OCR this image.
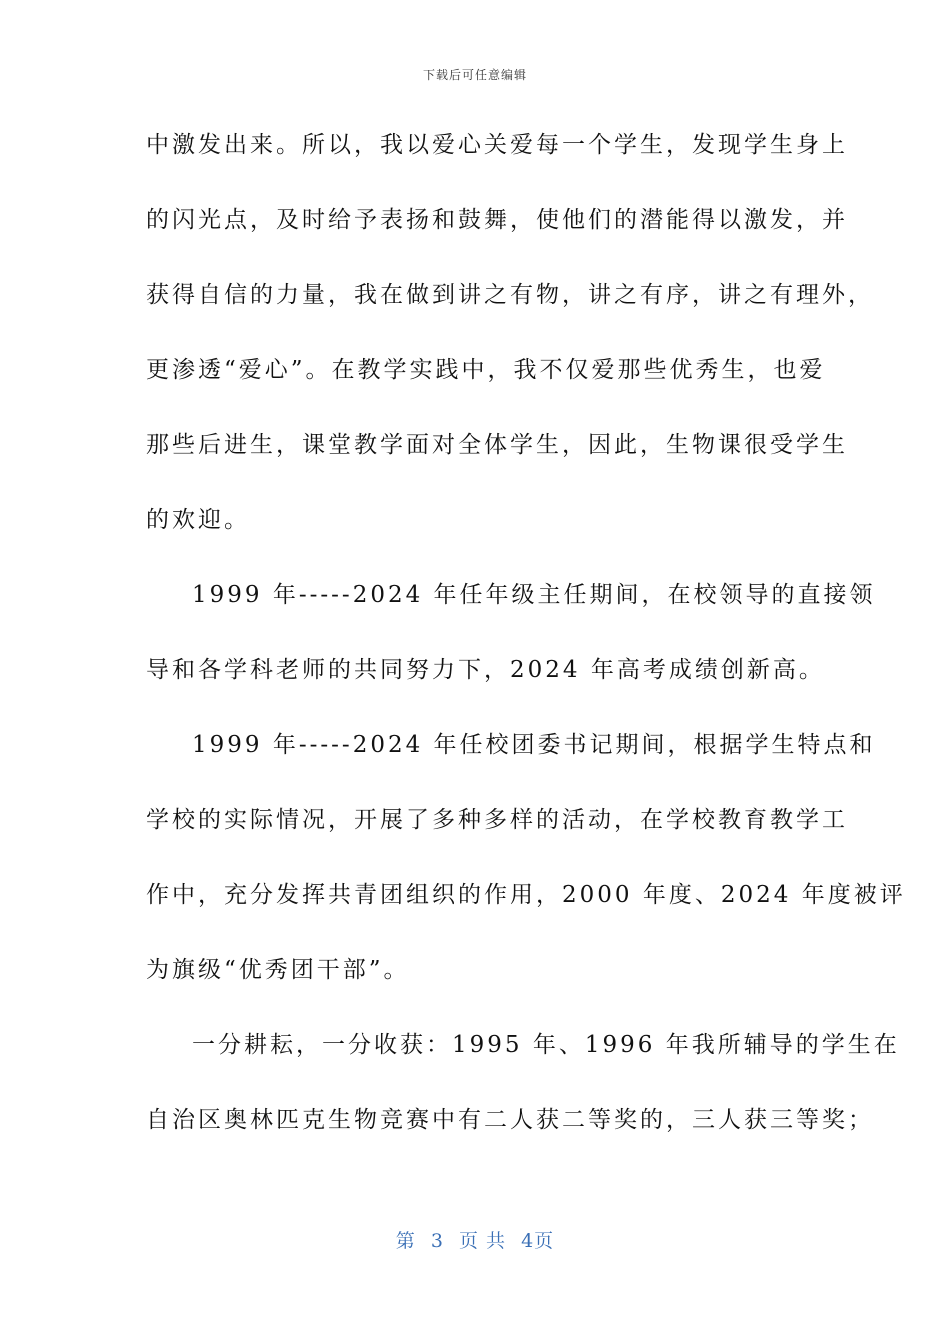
下载后可任意编辑
中激发出来。所以，我以爱心关爱每一个学生，发现学生身上
的闪光点，及时给予表扬和鼓舞，使他们的潜能得以激发，并
获得自信的力量，我在做到讲之有物，讲之有序，讲之有理外，
更渗透“爱心”。在教学实践中，我不仅爱那些优秀生，也爱
那些后进生，课堂教学面对全体学生，因此，生物课很受学生
的欢迎。
1999 年-----2024 年任年级主任期间，在校领导的直接领
导和各学科老师的共同努力下，2024 年高考成绩创新高。
1999 年-----2024 年任校团委书记期间，根据学生特点和
学校的实际情况，开展了多种多样的活动，在学校教育教学工
作中，充分发挥共青团组织的作用，2000 年度、2024 年度被评
为旗级“优秀团干部”。
一分耕耘，一分收获：1995 年、1996 年我所辅导的学生在
自治区奥林匹克生物竞赛中有二人获二等奖的，三人获三等奖；
第 3 页 共 4页
